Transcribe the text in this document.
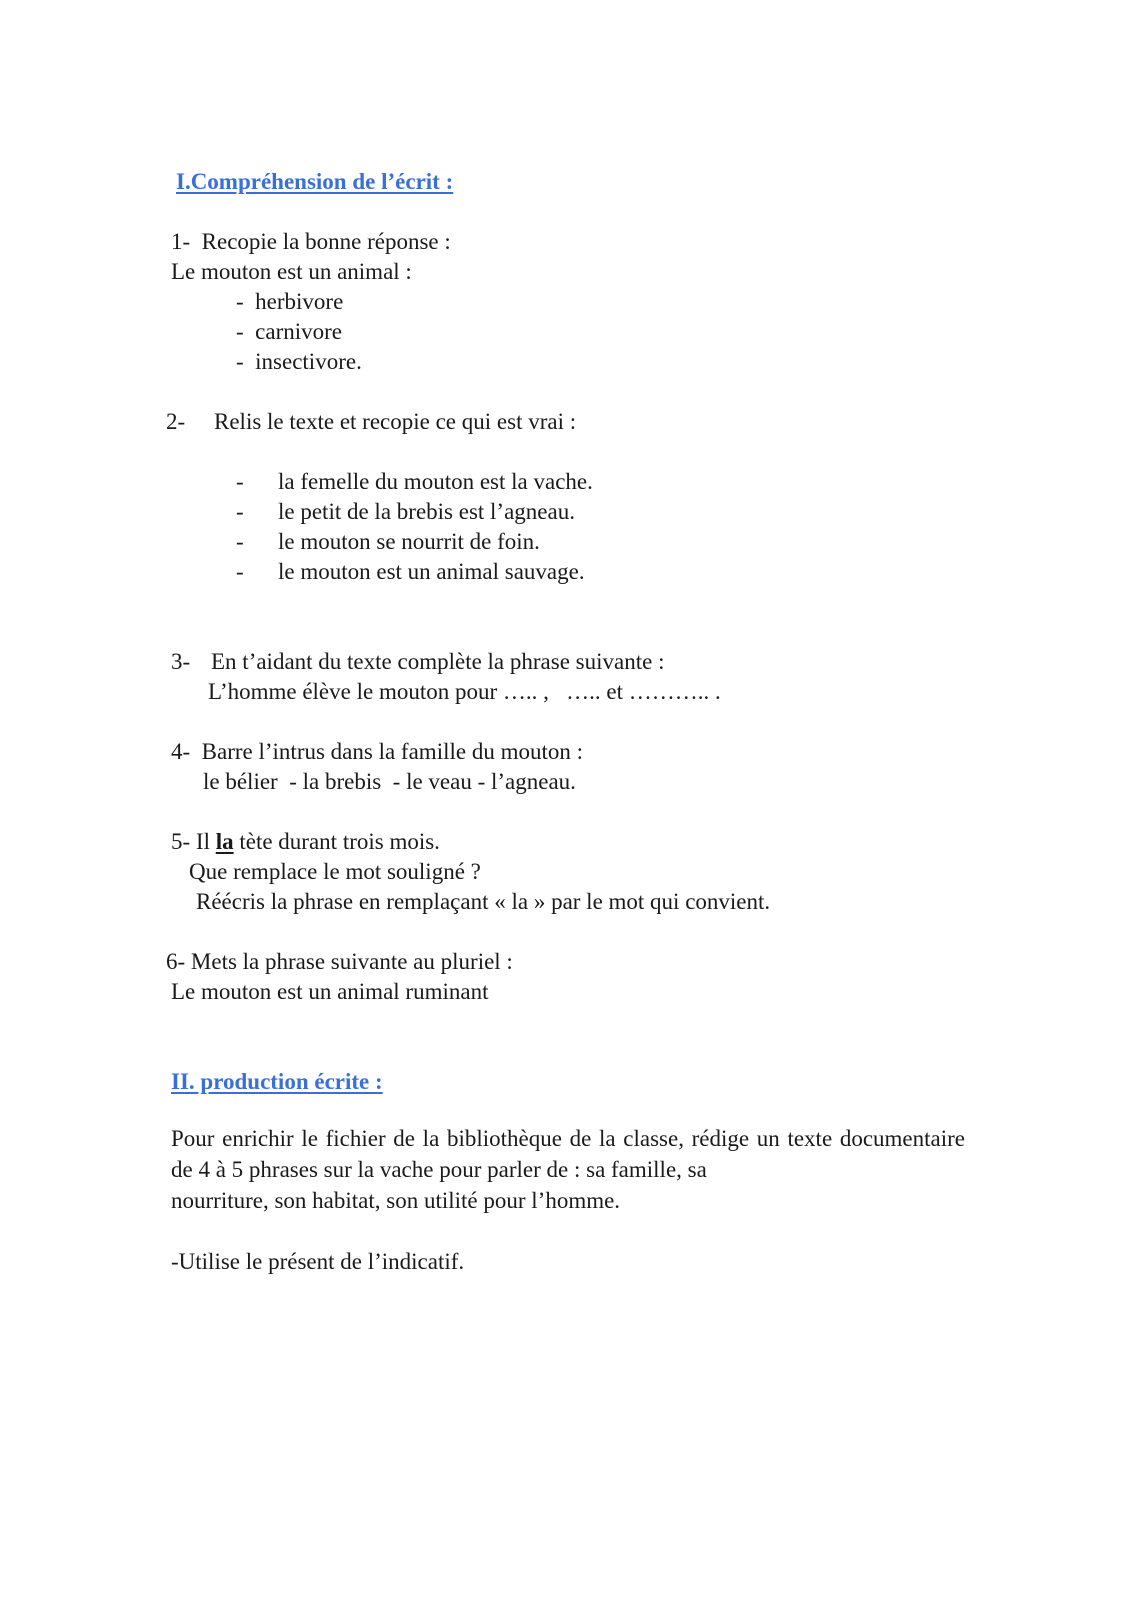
I.Compréhension de l’écrit :
1-  Recopie la bonne réponse :
Le mouton est un animal :
-  herbivore
-  carnivore
-  insectivore.
2- Relis le texte et recopie ce qui est vrai :
- la femelle du mouton est la vache.
- le petit de la brebis est l’agneau.
- le mouton se nourrit de foin.
- le mouton est un animal sauvage.
3- En t’aidant du texte complète la phrase suivante :
L’homme élève le mouton pour ….. ,   ….. et ……….. .
4-  Barre l’intrus dans la famille du mouton :
le bélier  - la brebis  - le veau - l’agneau.
5- Il la tète durant trois mois.
Que remplace le mot souligné ?
Réécris la phrase en remplaçant « la » par le mot qui convient.
6- Mets la phrase suivante au pluriel :
Le mouton est un animal ruminant
II. production écrite :
Pour enrichir le fichier de la bibliothèque de la classe, rédige un texte documentaire de 4 à 5 phrases sur la vache pour parler de : sa famille, sa
nourriture, son habitat, son utilité pour l’homme.
-Utilise le présent de l’indicatif.
